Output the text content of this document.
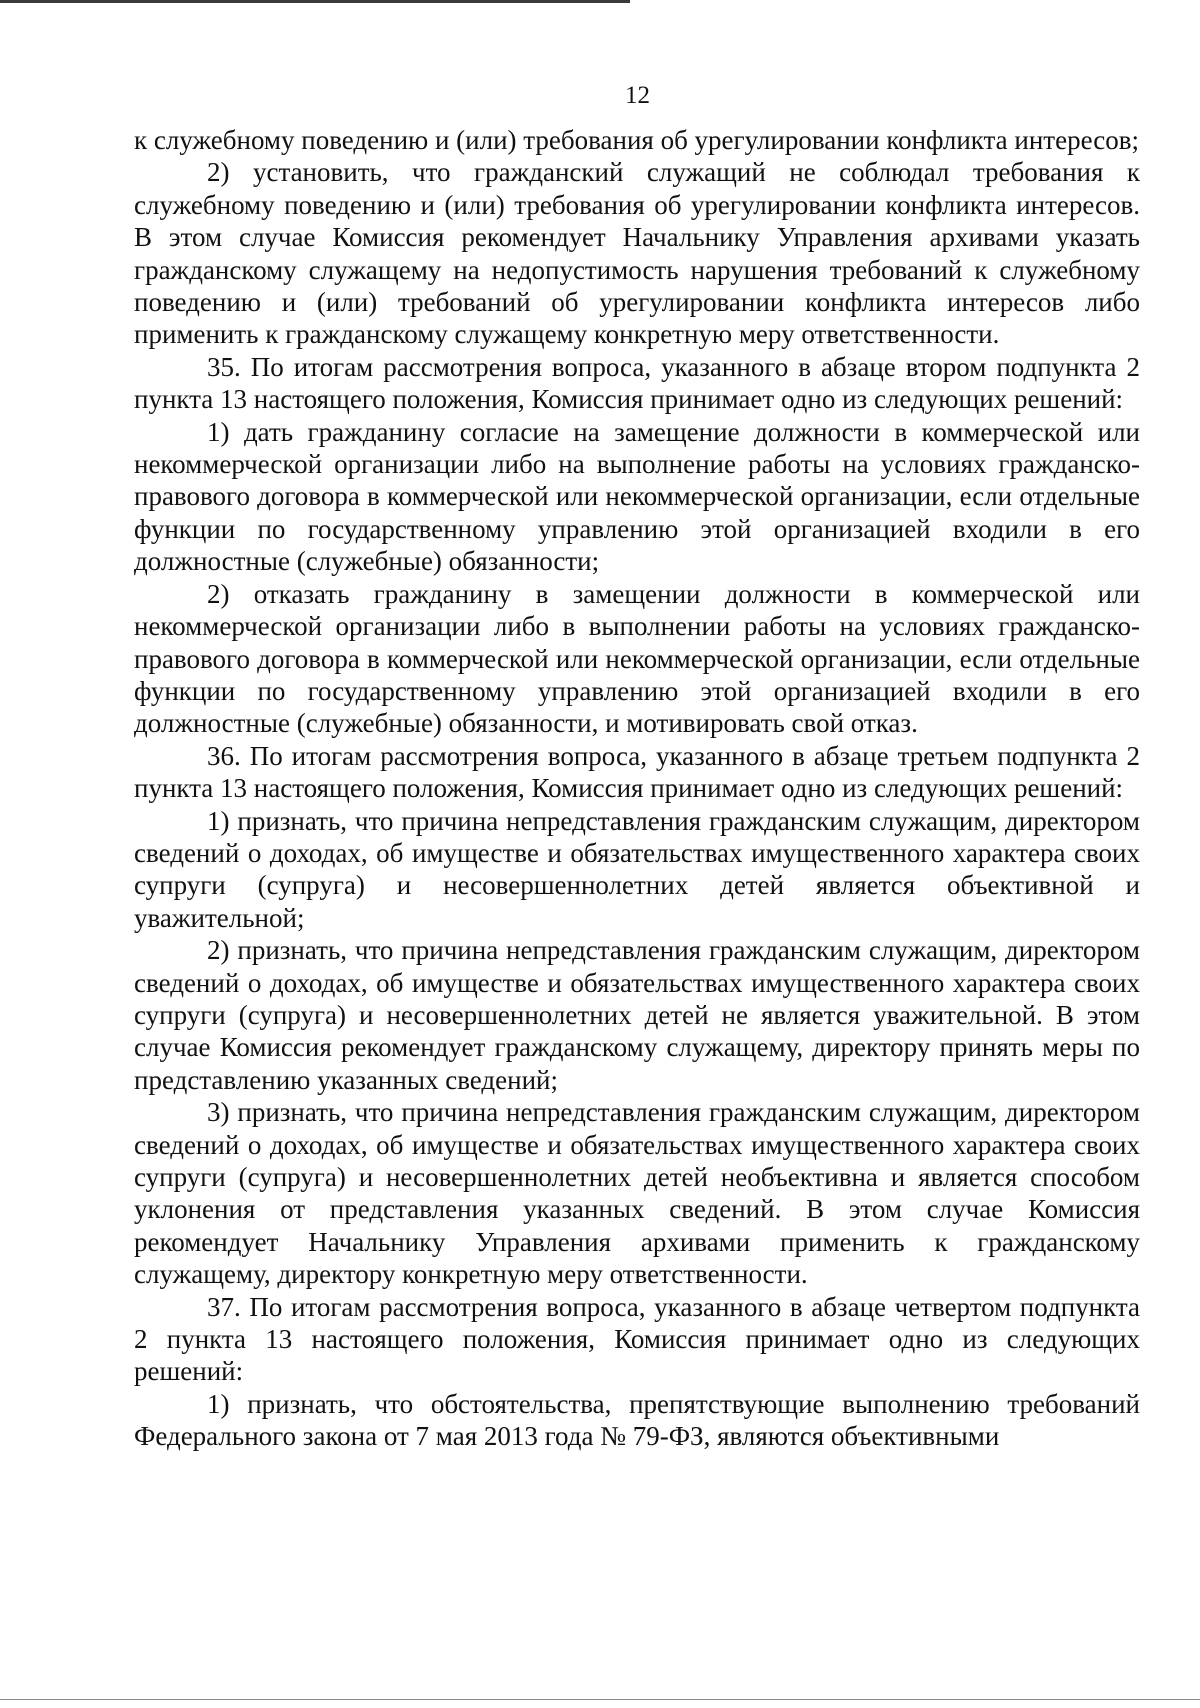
12

к служебному поведению и (или) требования об урегулировании конфликта интересов;

2) установить, что гражданский служащий не соблюдал требования к служебному поведению и (или) требования об урегулировании конфликта интересов. В этом случае Комиссия рекомендует Начальнику Управления архивами указать гражданскому служащему на недопустимость нарушения требований к служебному поведению и (или) требований об урегулировании конфликта интересов либо применить к гражданскому служащему конкретную меру ответственности.

35. По итогам рассмотрения вопроса, указанного в абзаце втором подпункта 2 пункта 13 настоящего положения, Комиссия принимает одно из следующих решений:

1) дать гражданину согласие на замещение должности в коммерческой или некоммерческой организации либо на выполнение работы на условиях гражданско-правового договора в коммерческой или некоммерческой организации, если отдельные функции по государственному управлению этой организацией входили в его должностные (служебные) обязанности;

2) отказать гражданину в замещении должности в коммерческой или некоммерческой организации либо в выполнении работы на условиях гражданско-правового договора в коммерческой или некоммерческой организации, если отдельные функции по государственному управлению этой организацией входили в его должностные (служебные) обязанности, и мотивировать свой отказ.

36. По итогам рассмотрения вопроса, указанного в абзаце третьем подпункта 2 пункта 13 настоящего положения, Комиссия принимает одно из следующих решений:

1) признать, что причина непредставления гражданским служащим, директором сведений о доходах, об имуществе и обязательствах имущественного характера своих супруги (супруга) и несовершеннолетних детей является объективной и уважительной;

2) признать, что причина непредставления гражданским служащим, директором сведений о доходах, об имуществе и обязательствах имущественного характера своих супруги (супруга) и несовершеннолетних детей не является уважительной. В этом случае Комиссия рекомендует гражданскому служащему, директору принять меры по представлению указанных сведений;

3) признать, что причина непредставления гражданским служащим, директором сведений о доходах, об имуществе и обязательствах имущественного характера своих супруги (супруга) и несовершеннолетних детей необъективна и является способом уклонения от представления указанных сведений. В этом случае Комиссия рекомендует Начальнику Управления архивами применить к гражданскому служащему, директору конкретную меру ответственности.

37. По итогам рассмотрения вопроса, указанного в абзаце четвертом подпункта 2 пункта 13 настоящего положения, Комиссия принимает одно из следующих решений:

1) признать, что обстоятельства, препятствующие выполнению требований Федерального закона от 7 мая 2013 года № 79-ФЗ, являются объективными
